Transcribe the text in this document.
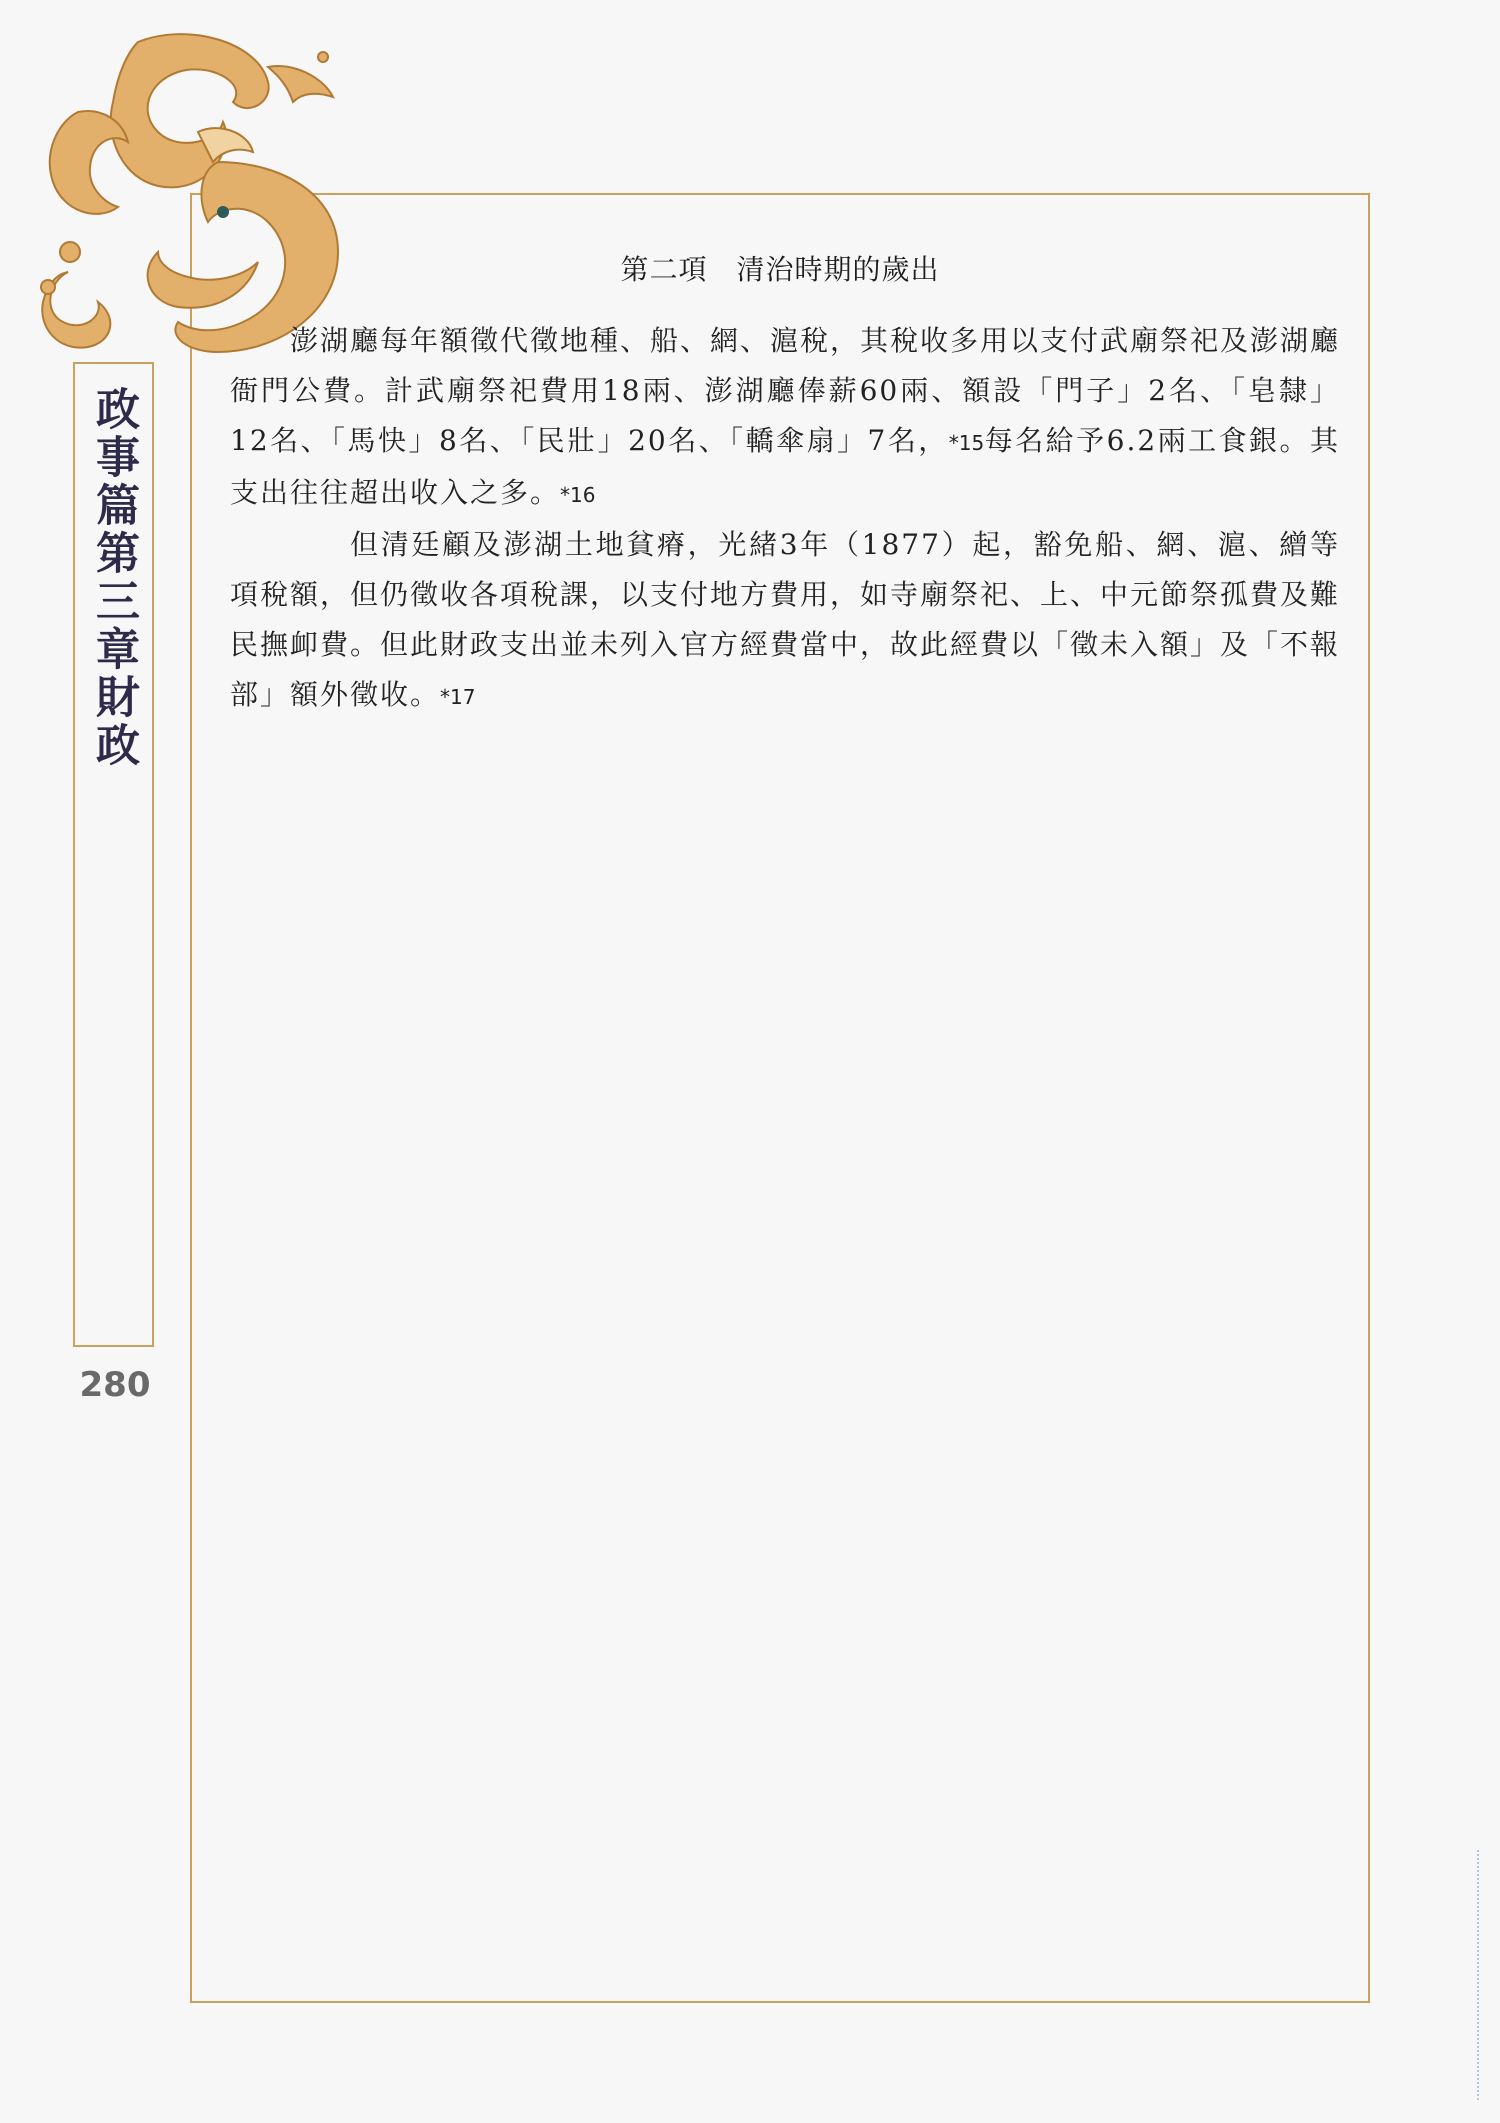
政事篇
第三章
財政
280
第二項　清治時期的歲出

澎湖廳每年額徵代徵地種、船、網、滬稅，其稅收多用以支付武廟祭祀及澎湖廳衙門公費。計武廟祭祀費用18兩、澎湖廳俸薪60兩、額設「門子」2名、「皂隸」 12名、「馬快」8名、「民壯」20名、「轎傘扇」7名，*15每名給予6.2兩工食銀。其支出往往超出收入之多。*16

但清廷顧及澎湖土地貧瘠，光緒3年（1877）起，豁免船、網、滬、繒等項稅額，但仍徵收各項稅課，以支付地方費用，如寺廟祭祀、上、中元節祭孤費及難民撫卹費。但此財政支出並未列入官方經費當中，故此經費以「徵未入額」及「不報部」額外徵收。*17
